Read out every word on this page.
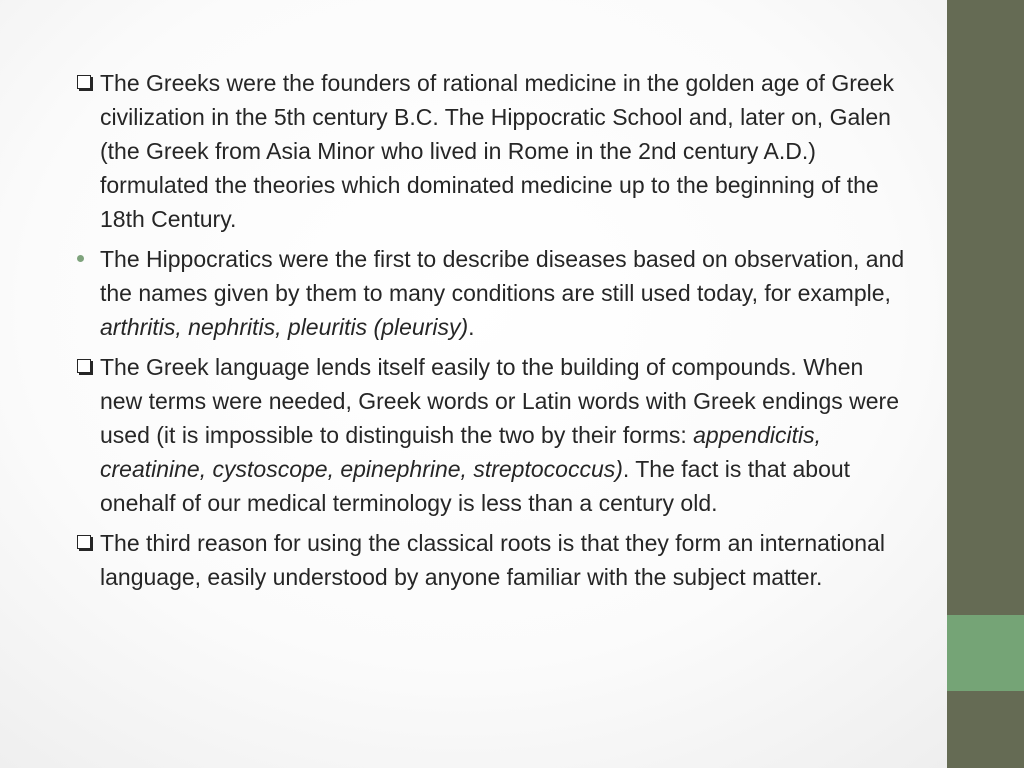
The Greeks were the founders of rational medicine in the golden age of Greek civilization in the 5th century B.C. The Hippocratic School and, later on, Galen (the Greek from Asia Minor who lived in Rome in the 2nd century A.D.) formulated the theories which dominated medicine up to the beginning of the 18th Century.
The Hippocratics were the first to describe diseases based on observation, and the names given by them to many conditions are still used today, for example, arthritis, nephritis, pleuritis (pleurisy).
The Greek language lends itself easily to the building of compounds. When new terms were needed, Greek words or Latin words with Greek endings were used (it is impossible to distinguish the two by their forms: appendicitis, creatinine, cystoscope, epinephrine, streptococcus). The fact is that about onehalf of our medical terminology is less than a century old.
The third reason for using the classical roots is that they form an international language, easily understood by anyone familiar with the subject matter.
